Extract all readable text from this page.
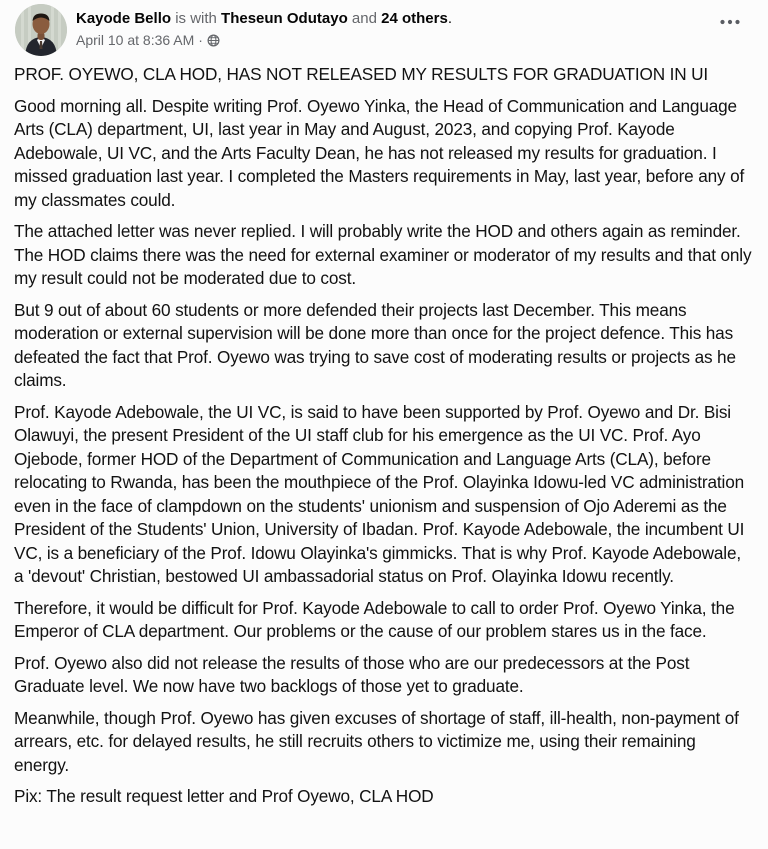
Kayode Bello is with Theseun Odutayo and 24 others.
April 10 at 8:36 AM ·

PROF. OYEWO, CLA HOD, HAS NOT RELEASED MY RESULTS FOR GRADUATION IN UI

Good morning all. Despite writing Prof. Oyewo Yinka, the Head of Communication and Language Arts (CLA) department, UI, last year in May and August, 2023, and copying Prof. Kayode Adebowale, UI VC, and the Arts Faculty Dean, he has not released my results for graduation. I missed graduation last year. I completed the Masters requirements in May, last year, before any of my classmates could.

The attached letter was never replied. I will probably write the HOD and others again as reminder. The HOD claims there was the need for external examiner or moderator of my results and that only my result could not be moderated due to cost.

But 9 out of about 60 students or more defended their projects last December. This means moderation or external supervision will be done more than once for the project defence. This has defeated the fact that Prof. Oyewo was trying to save cost of moderating results or projects as he claims.

Prof. Kayode Adebowale, the UI VC, is said to have been supported by Prof. Oyewo and Dr. Bisi Olawuyi, the present President of the UI staff club for his emergence as the UI VC. Prof. Ayo Ojebode, former HOD of the Department of Communication and Language Arts (CLA), before relocating to Rwanda, has been the mouthpiece of the Prof. Olayinka Idowu-led VC administration even in the face of clampdown on the students' unionism and suspension of Ojo Aderemi as the President of the Students' Union, University of Ibadan. Prof. Kayode Adebowale, the incumbent UI VC, is a beneficiary of the Prof. Idowu Olayinka's gimmicks. That is why Prof. Kayode Adebowale, a 'devout' Christian, bestowed UI ambassadorial status on Prof. Olayinka Idowu recently.

Therefore, it would be difficult for Prof. Kayode Adebowale to call to order Prof. Oyewo Yinka, the Emperor of CLA department. Our problems or the cause of our problem stares us in the face.

Prof. Oyewo also did not release the results of those who are our predecessors at the Post Graduate level. We now have two backlogs of those yet to graduate.

Meanwhile, though Prof. Oyewo has given excuses of shortage of staff, ill-health, non-payment of arrears, etc. for delayed results, he still recruits others to victimize me, using their remaining energy.

Pix: The result request letter and Prof Oyewo, CLA HOD
